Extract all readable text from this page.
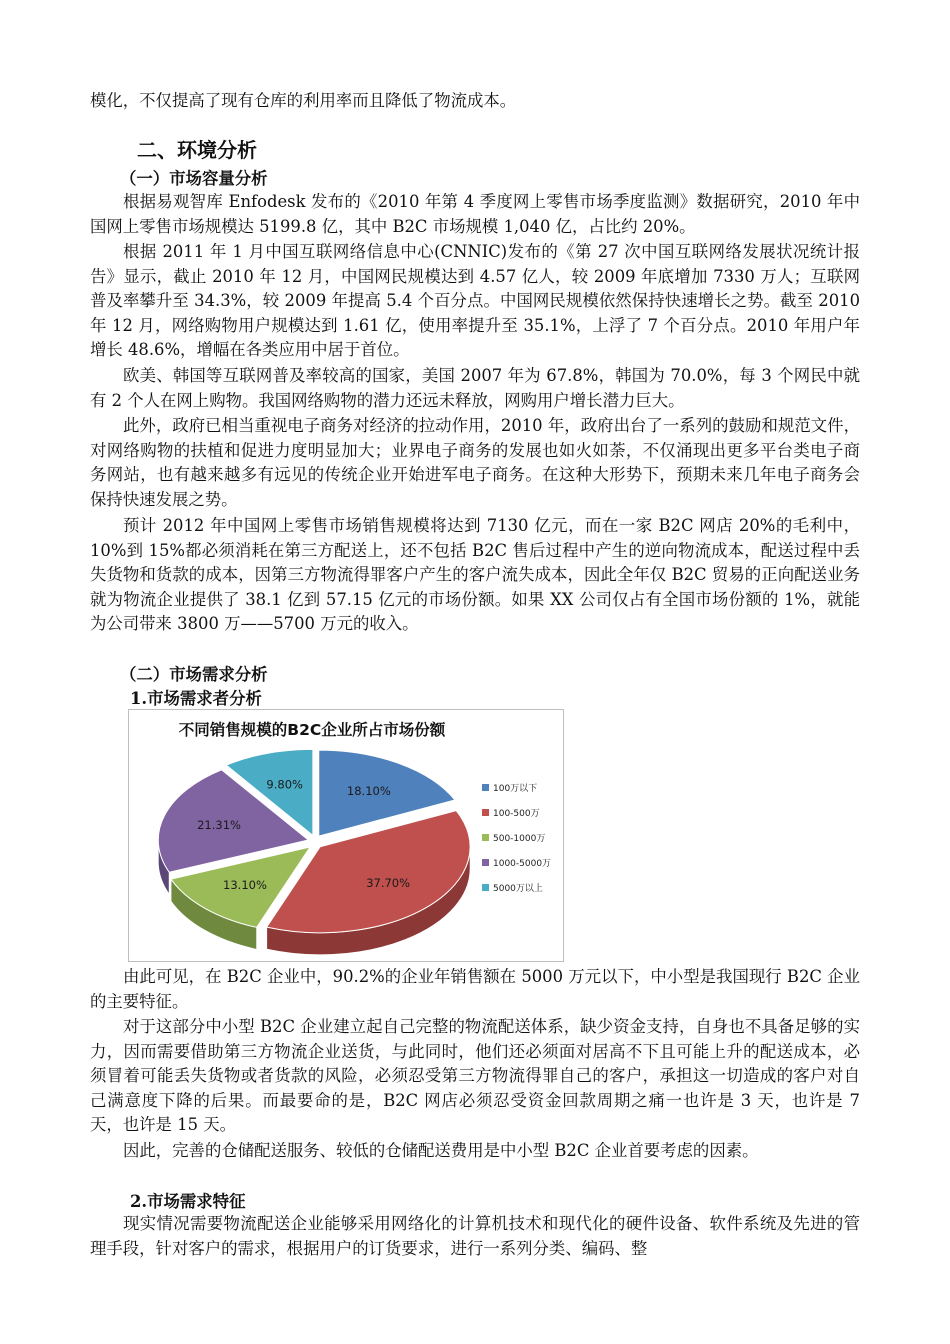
模化，不仅提高了现有仓库的利用率而且降低了物流成本。

二、环境分析
（一）市场容量分析

根据易观智库 Enfodesk 发布的《2010 年第 4 季度网上零售市场季度监测》数据研究，2010 年中国网上零售市场规模达 5199.8 亿，其中 B2C 市场规模 1,040 亿，占比约 20%。

根据 2011 年 1 月中国互联网络信息中心(CNNIC)发布的《第 27 次中国互联网络发展状况统计报告》显示，截止 2010 年 12 月，中国网民规模达到 4.57 亿人，较 2009 年底增加 7330 万人；互联网普及率攀升至 34.3%，较 2009 年提高 5.4 个百分点。中国网民规模依然保持快速增长之势。截至 2010 年 12 月，网络购物用户规模达到 1.61 亿，使用率提升至 35.1%，上浮了 7 个百分点。2010 年用户年增长 48.6%，增幅在各类应用中居于首位。

欧美、韩国等互联网普及率较高的国家，美国 2007 年为 67.8%，韩国为 70.0%，每 3 个网民中就有 2 个人在网上购物。我国网络购物的潜力还远未释放，网购用户增长潜力巨大。

此外，政府已相当重视电子商务对经济的拉动作用，2010 年，政府出台了一系列的鼓励和规范文件，对网络购物的扶植和促进力度明显加大；业界电子商务的发展也如火如荼，不仅涌现出更多平台类电子商务网站，也有越来越多有远见的传统企业开始进军电子商务。在这种大形势下，预期未来几年电子商务会保持快速发展之势。

预计 2012 年中国网上零售市场销售规模将达到 7130 亿元，而在一家 B2C 网店 20%的毛利中，10%到 15%都必须消耗在第三方配送上，还不包括 B2C 售后过程中产生的逆向物流成本，配送过程中丢失货物和货款的成本，因第三方物流得罪客户产生的客户流失成本，因此全年仅 B2C 贸易的正向配送业务就为物流企业提供了 38.1 亿到 57.15 亿元的市场份额。如果 XX 公司仅占有全国市场份额的 1%，就能为公司带来 3800 万——5700 万元的收入。

（二）市场需求分析
1.市场需求者分析
不同销售规模的B2C企业所占市场份额
18.10%
37.70%
13.10%
21.31%
9.80%	100万以下
100-500万
500-1000万
1000-5000万
5000万以上

由此可见，在 B2C 企业中，90.2%的企业年销售额在 5000 万元以下，中小型是我国现行 B2C 企业的主要特征。

对于这部分中小型 B2C 企业建立起自己完整的物流配送体系，缺少资金支持，自身也不具备足够的实力，因而需要借助第三方物流企业送货，与此同时，他们还必须面对居高不下且可能上升的配送成本，必须冒着可能丢失货物或者货款的风险，必须忍受第三方物流得罪自己的客户，承担这一切造成的客户对自己满意度下降的后果。而最要命的是，B2C 网店必须忍受资金回款周期之痛一也许是 3 天，也许是 7 天，也许是 15 天。

因此，完善的仓储配送服务、较低的仓储配送费用是中小型 B2C 企业首要考虑的因素。

2.市场需求特征

现实情况需要物流配送企业能够采用网络化的计算机技术和现代化的硬件设备、软件系统及先进的管理手段，针对客户的需求，根据用户的订货要求，进行一系列分类、编码、整
